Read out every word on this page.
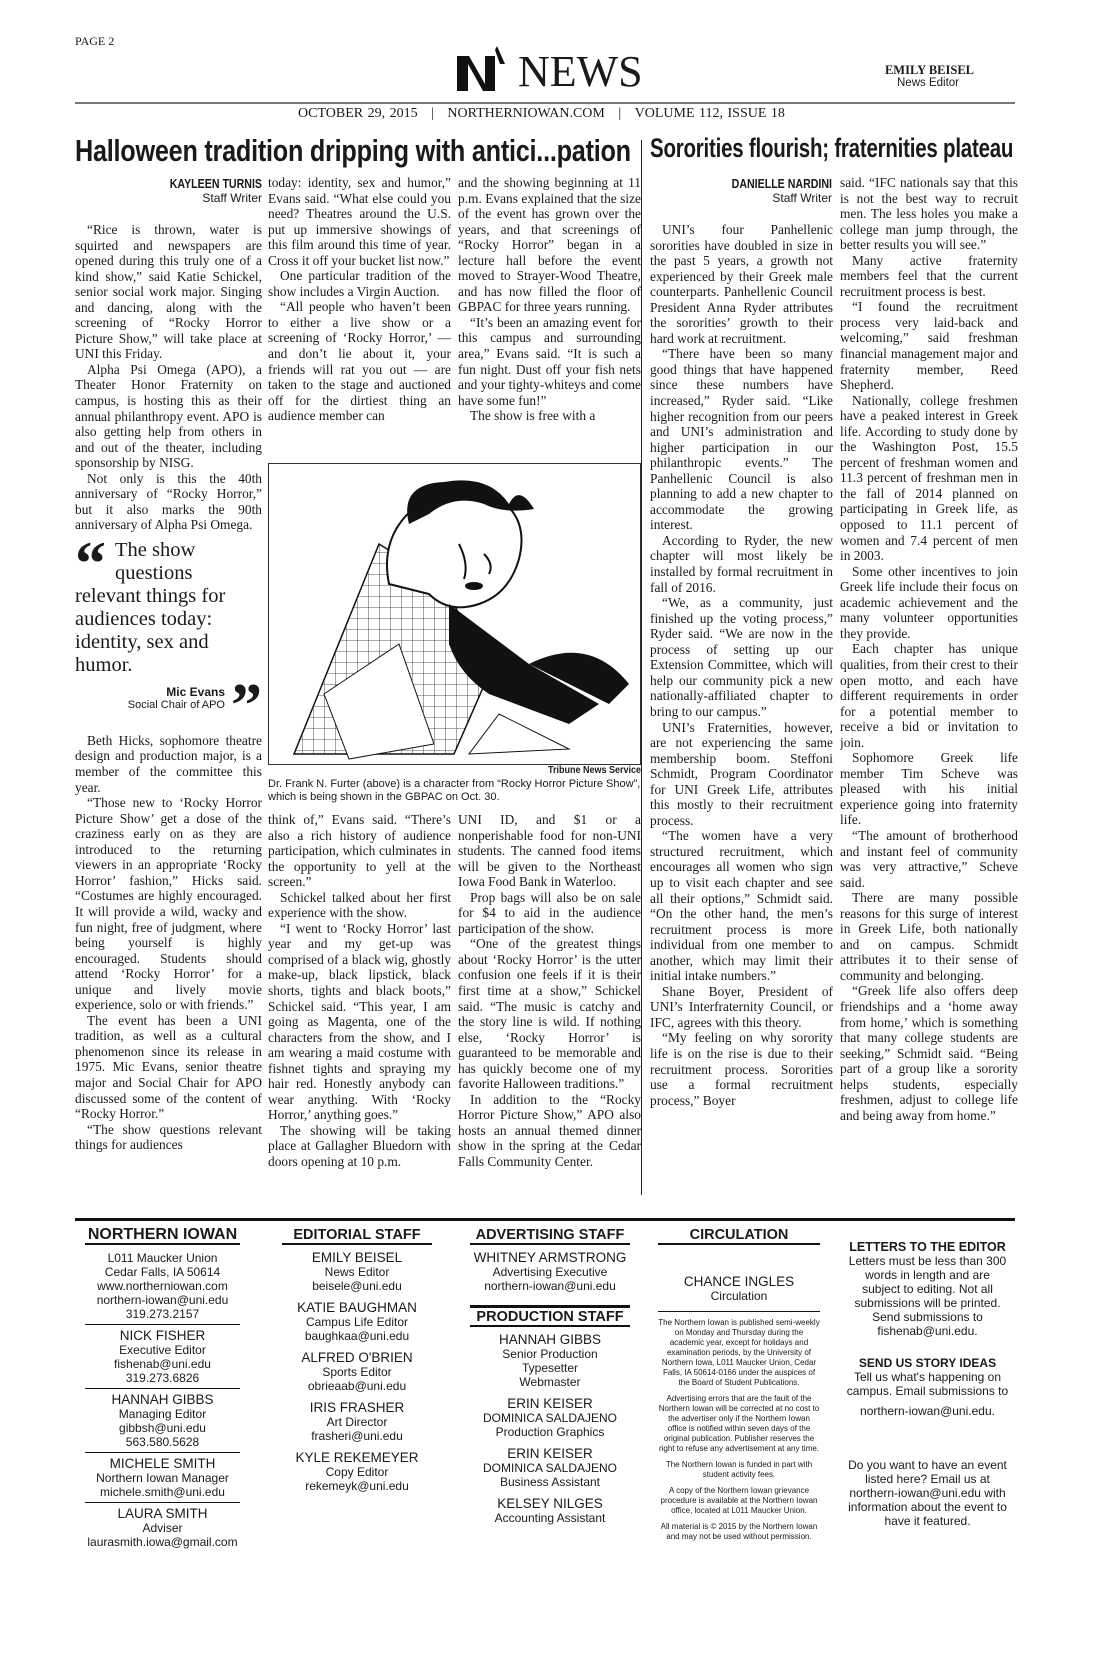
PAGE 2
NEWS	EMILY BEISEL
News Editor
OCTOBER 29, 2015 | NORTHERNIOWAN.COM | VOLUME 112, ISSUE 18
Halloween tradition dripping with antici...pation
KAYLEEN TURNIS
Staff Writer

“Rice is thrown, water is squirted and newspapers are opened during this truly one of a kind show,” said Katie Schickel, senior social work major. Singing and dancing, along with the screening of “Rocky Horror Picture Show,” will take place at UNI this Friday.

Alpha Psi Omega (APO), a Theater Honor Fraternity on campus, is hosting this as their annual philanthropy event. APO is also getting help from others in and out of the theater, including sponsorship by NISG.

Not only is this the 40th anniversary of “Rocky Horror,” but it also marks the 90th anniversary of Alpha Psi Omega.

“ The show questions relevant things for audiences today: identity, sex and humor.
”
Mic Evans
Social Chair of APO

Beth Hicks, sophomore theatre design and production major, is a member of the committee this year.

“Those new to ‘Rocky Horror Picture Show’ get a dose of the craziness early on as they are introduced to the returning viewers in an appropriate ‘Rocky Horror’ fashion,” Hicks said. “Costumes are highly encouraged. It will provide a wild, wacky and fun night, free of judgment, where being yourself is highly encouraged. Students should attend ‘Rocky Horror’ for a unique and lively movie experience, solo or with friends.”

The event has been a UNI tradition, as well as a cultural phenomenon since its release in 1975. Mic Evans, senior theatre major and Social Chair for APO discussed some of the content of “Rocky Horror.”

“The show questions relevant things for audiences

today: identity, sex and humor,” Evans said. “What else could you need? Theatres around the U.S. put up immersive showings of this film around this time of year. Cross it off your bucket list now.”

One particular tradition of the show includes a Virgin Auction.

“All people who haven’t been to either a live show or a screening of ‘Rocky Horror,’ — and don’t lie about it, your friends will rat you out — are taken to the stage and auctioned off for the dirtiest thing an audience member can

and the showing beginning at 11 p.m. Evans explained that the size of the event has grown over the years, and that screenings of “Rocky Horror” began in a lecture hall before the event moved to Strayer-Wood Theatre, and has now filled the floor of GBPAC for three years running.

“It’s been an amazing event for this campus and surrounding area,” Evans said. “It is such a fun night. Dust off your fish nets and your tighty-whiteys and come have some fun!”

The show is free with a

Tribune News Service
Dr. Frank N. Furter (above) is a character from “Rocky Horror Picture Show”, which is being shown in the GBPAC on Oct. 30.

think of,” Evans said. “There’s also a rich history of audience participation, which culminates in the opportunity to yell at the screen.”

Schickel talked about her first experience with the show.

“I went to ‘Rocky Horror’ last year and my get-up was comprised of a black wig, ghostly make-up, black lipstick, black shorts, tights and black boots,” Schickel said. “This year, I am going as Magenta, one of the characters from the show, and I am wearing a maid costume with fishnet tights and spraying my hair red. Honestly anybody can wear anything. With ‘Rocky Horror,’ anything goes.”

The showing will be taking place at Gallagher Bluedorn with doors opening at 10 p.m.

UNI ID, and $1 or a nonperishable food for non-UNI students. The canned food items will be given to the Northeast Iowa Food Bank in Waterloo.

Prop bags will also be on sale for $4 to aid in the audience participation of the show.

“One of the greatest things about ‘Rocky Horror’ is the utter confusion one feels if it is their first time at a show,” Schickel said. “The music is catchy and the story line is wild. If nothing else, ‘Rocky Horror’ is guaranteed to be memorable and has quickly become one of my favorite Halloween traditions.”

In addition to the “Rocky Horror Picture Show,” APO also hosts an annual themed dinner show in the spring at the Cedar Falls Community Center.

Sororities flourish; fraternities plateau
DANIELLE NARDINI
Staff Writer

UNI’s four Panhellenic sororities have doubled in size in the past 5 years, a growth not experienced by their Greek male counterparts. Panhellenic Council President Anna Ryder attributes the sororities’ growth to their hard work at recruitment.

“There have been so many good things that have happened since these numbers have increased,” Ryder said. “Like higher recognition from our peers and UNI’s administration and higher participation in our philanthropic events.” The Panhellenic Council is also planning to add a new chapter to accommodate the growing interest.

According to Ryder, the new chapter will most likely be installed by formal recruitment in fall of 2016.

“We, as a community, just finished up the voting process,” Ryder said. “We are now in the process of setting up our Extension Committee, which will help our community pick a new nationally-affiliated chapter to bring to our campus.”

UNI’s Fraternities, however, are not experiencing the same membership boom. Steffoni Schmidt, Program Coordinator for UNI Greek Life, attributes this mostly to their recruitment process.

“The women have a very structured recruitment, which encourages all women who sign up to visit each chapter and see all their options,” Schmidt said. “On the other hand, the men’s recruitment process is more individual from one member to another, which may limit their initial intake numbers.”

Shane Boyer, President of UNI’s Interfraternity Council, or IFC, agrees with this theory.

“My feeling on why sorority life is on the rise is due to their recruitment process. Sororities use a formal recruitment process,” Boyer

said. “IFC nationals say that this is not the best way to recruit men. The less holes you make a college man jump through, the better results you will see.”

Many active fraternity members feel that the current recruitment process is best.

“I found the recruitment process very laid-back and welcoming,” said freshman financial management major and fraternity member, Reed Shepherd.

Nationally, college freshmen have a peaked interest in Greek life. According to study done by the Washington Post, 15.5 percent of freshman women and 11.3 percent of freshman men in the fall of 2014 planned on participating in Greek life, as opposed to 11.1 percent of women and 7.4 percent of men in 2003.

Some other incentives to join Greek life include their focus on academic achievement and the many volunteer opportunities they provide.

Each chapter has unique qualities, from their crest to their open motto, and each have different requirements in order for a potential member to receive a bid or invitation to join.

Sophomore Greek life member Tim Scheve was pleased with his initial experience going into fraternity life.

“The amount of brotherhood and instant feel of community was very attractive,” Scheve said.

There are many possible reasons for this surge of interest in Greek Life, both nationally and on campus. Schmidt attributes it to their sense of community and belonging.

“Greek life also offers deep friendships and a ‘home away from home,’ which is something that many college students are seeking,” Schmidt said. “Being part of a group like a sorority helps students, especially freshmen, adjust to college life and being away from home.”

NORTHERN IOWAN
L011 Maucker Union
Cedar Falls, IA 50614
www.northerniowan.com
northern-iowan@uni.edu
319.273.2157
NICK FISHER
Executive Editor
fishenab@uni.edu
319.273.6826
HANNAH GIBBS
Managing Editor
gibbsh@uni.edu
563.580.5628
MICHELE SMITH
Northern Iowan Manager
michele.smith@uni.edu
LAURA SMITH
Adviser
laurasmith.iowa@gmail.com
EDITORIAL STAFF
EMILY BEISEL
News Editor
beisele@uni.edu
KATIE BAUGHMAN
Campus Life Editor
baughkaa@uni.edu
ALFRED O'BRIEN
Sports Editor
obrieaab@uni.edu
IRIS FRASHER
Art Director
frasheri@uni.edu
KYLE REKEMEYER
Copy Editor
rekemeyk@uni.edu
ADVERTISING STAFF
WHITNEY ARMSTRONG
Advertising Executive
northern-iowan@uni.edu
PRODUCTION STAFF
HANNAH GIBBS
Senior Production
Typesetter
Webmaster
ERIN KEISER
DOMINICA SALDAJENO
Production Graphics
ERIN KEISER
DOMINICA SALDAJENO
Business Assistant
KELSEY NILGES
Accounting Assistant
CIRCULATION
CHANCE INGLES
Circulation
The Northern Iowan is published semi-weekly on Monday and Thursday during the academic year, except for holidays and examination periods, by the University of Northern Iowa, L011 Maucker Union, Cedar Falls, IA 50614-0166 under the auspices of the Board of Student Publications.
Advertising errors that are the fault of the Northern Iowan will be corrected at no cost to the advertiser only if the Northern Iowan office is notified within seven days of the original publication. Publisher reserves the right to refuse any advertisement at any time.
The Northern Iowan is funded in part with student activity fees.
A copy of the Northern Iowan grievance procedure is available at the Northern Iowan office, located at L011 Maucker Union.
All material is © 2015 by the Northern Iowan and may not be used without permission.
LETTERS TO THE EDITOR
Letters must be less than 300 words in length and are subject to editing. Not all submissions will be printed. Send submissions to fishenab@uni.edu.
SEND US STORY IDEAS
Tell us what's happening on campus. Email submissions to
northern-iowan@uni.edu.
Do you want to have an event listed here? Email us at northern-iowan@uni.edu with information about the event to have it featured.
